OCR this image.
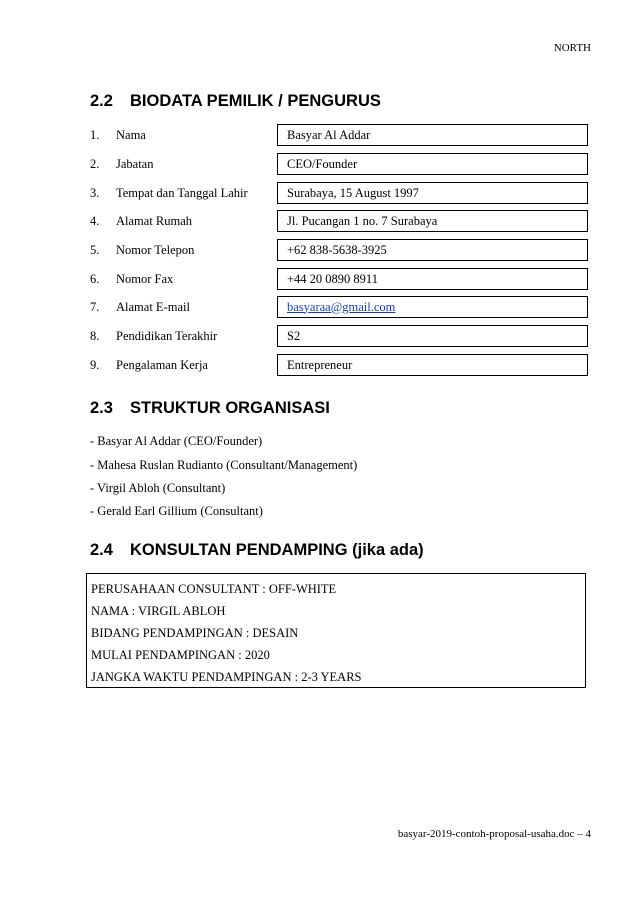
NORTH
2.2 BIODATA PEMILIK / PENGURUS
1.	Nama	Basyar Al Addar
2.	Jabatan	CEO/Founder
3.	Tempat dan Tanggal Lahir	Surabaya, 15 August 1997
4.	Alamat Rumah	Jl. Pucangan 1 no. 7 Surabaya
5.	Nomor Telepon	+62 838-5638-3925
6.	Nomor Fax	+44 20 0890 8911
7.	Alamat E-mail	basyaraa@gmail.com
8.	Pendidikan Terakhir	S2
9.	Pengalaman Kerja	Entrepreneur
2.3 STRUKTUR ORGANISASI
- Basyar Al Addar (CEO/Founder)
- Mahesa Ruslan Rudianto (Consultant/Management)
- Virgil Abloh (Consultant)
- Gerald Earl Gillium (Consultant)
2.4 KONSULTAN PENDAMPING (jika ada)
PERUSAHAAN CONSULTANT : OFF-WHITE
NAMA : VIRGIL ABLOH
BIDANG PENDAMPINGAN : DESAIN
MULAI PENDAMPINGAN : 2020
JANGKA WAKTU PENDAMPINGAN : 2-3 YEARS
basyar-2019-contoh-proposal-usaha.doc – 4
